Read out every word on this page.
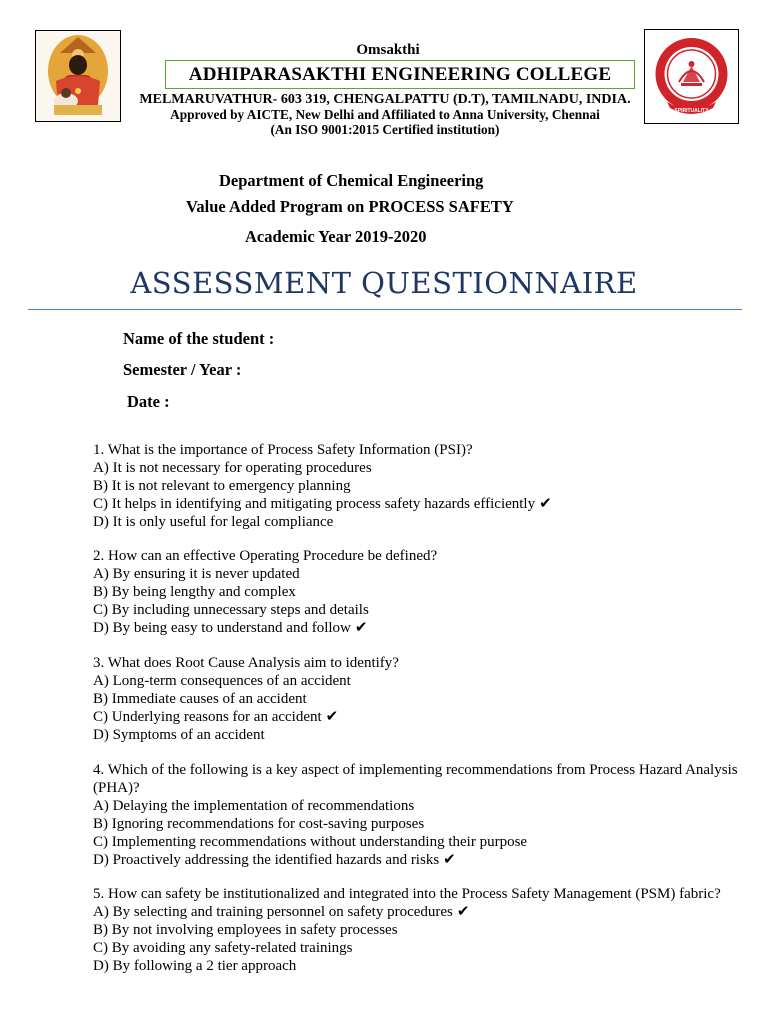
SPIRITUALITY
Omsakthi
ADHIPARASAKTHI ENGINEERING COLLEGE
MELMARUVATHUR- 603 319, CHENGALPATTU (D.T), TAMILNADU, INDIA.
Approved by AICTE, New Delhi and Affiliated to Anna University, Chennai
(An ISO 9001:2015 Certified institution)
Department of Chemical Engineering
Value Added Program on PROCESS SAFETY
Academic Year 2019-2020
ASSESSMENT QUESTIONNAIRE
Name of the student :
Semester / Year :
Date :
1. What is the importance of Process Safety Information (PSI)?
A) It is not necessary for operating procedures
B) It is not relevant to emergency planning
C) It helps in identifying and mitigating process safety hazards efficiently ✔
D) It is only useful for legal compliance
2. How can an effective Operating Procedure be defined?
A) By ensuring it is never updated
B) By being lengthy and complex
C) By including unnecessary steps and details
D) By being easy to understand and follow ✔
3. What does Root Cause Analysis aim to identify?
A) Long-term consequences of an accident
B) Immediate causes of an accident
C) Underlying reasons for an accident ✔
D) Symptoms of an accident
4. Which of the following is a key aspect of implementing recommendations from Process Hazard Analysis (PHA)?
A) Delaying the implementation of recommendations
B) Ignoring recommendations for cost-saving purposes
C) Implementing recommendations without understanding their purpose
D) Proactively addressing the identified hazards and risks ✔
5. How can safety be institutionalized and integrated into the Process Safety Management (PSM) fabric?
A) By selecting and training personnel on safety procedures ✔
B) By not involving employees in safety processes
C) By avoiding any safety-related trainings
D) By following a 2 tier approach
